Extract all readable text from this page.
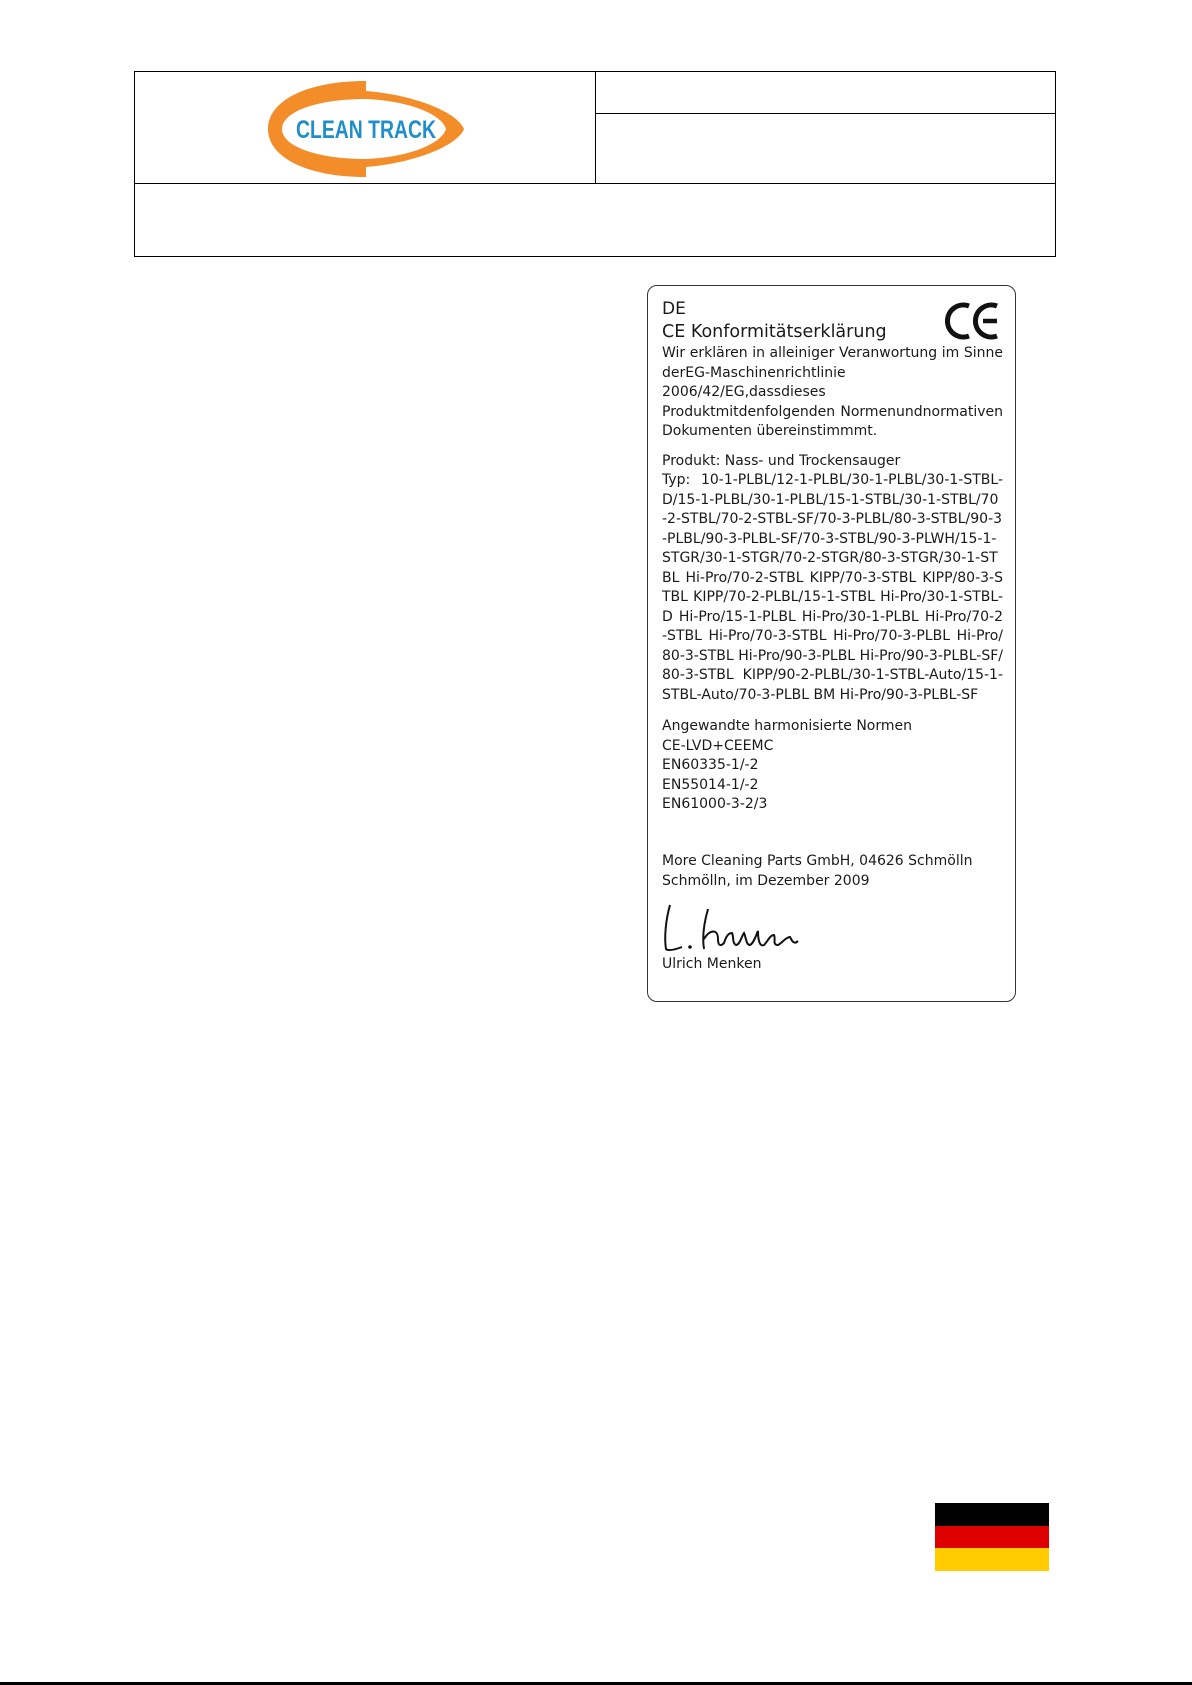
CLEAN TRACK

DE

CE Konformitätserklärung

Wir erklären in alleiniger Veranwortung im Sinne derEG-Maschinenrichtlinie 2006/42/EG,dassdieses Produktmitdenfolgenden Normenundnormativen Dokumenten übereinstimmmt.

Produkt: Nass- und Trockensauger

Typ: 10-1-PLBL/12-1-PLBL/30-1-PLBL/30-1-STBL-D/15-1-PLBL/30-1-PLBL/15-1-STBL/30-1-STBL/70-2-STBL/70-2-STBL-SF/70-3-PLBL/80-3-STBL/90-3-PLBL/90-3-PLBL-SF/70-3-STBL/90-3-PLWH/15-1-STGR/30-1-STGR/70-2-STGR/80-3-STGR/30-1-STBL Hi-Pro/70-2-STBL KIPP/70-3-STBL KIPP/80-3-STBL KIPP/70-2-PLBL/15-1-STBL Hi-Pro/30-1-STBL-D Hi-Pro/15-1-PLBL Hi-Pro/30-1-PLBL Hi-Pro/70-2-STBL Hi-Pro/70-3-STBL Hi-Pro/70-3-PLBL Hi-Pro/80-3-STBL Hi-Pro/90-3-PLBL Hi-Pro/90-3-PLBL-SF/80-3-STBL KIPP/90-2-PLBL/30-1-STBL-Auto/15-1-STBL-Auto/70-3-PLBL BM Hi-Pro/90-3-PLBL-SF

Angewandte harmonisierte Normen

CE-LVD+CEEMC

EN60335-1/-2

EN55014-1/-2

EN61000-3-2/3

More Cleaning Parts GmbH, 04626 Schmölln

Schmölln, im Dezember 2009

Ulrich Menken
